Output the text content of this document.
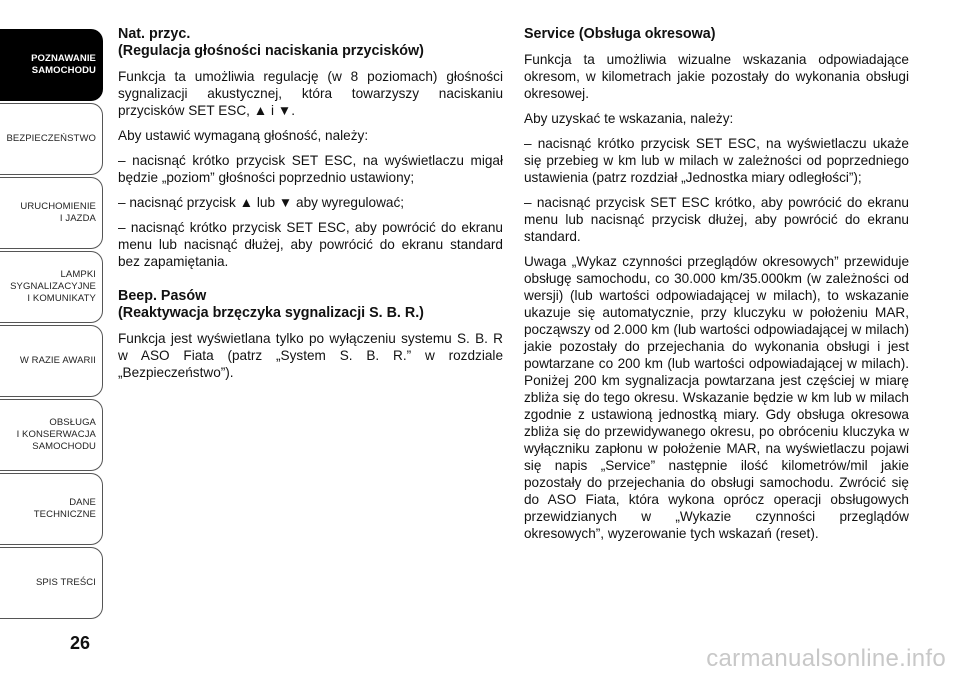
POZNAWANIE
SAMOCHODU
BEZPIECZEŃSTWO
URUCHOMIENIE
I JAZDA
LAMPKI
SYGNALIZACYJNE
I KOMUNIKATY
W RAZIE AWARII
OBSŁUGA
I KONSERWACJA
SAMOCHODU
DANE
TECHNICZNE
SPIS TREŚCI
26
Nat. przyc.
(Regulacja głośności naciskania przycisków)

Funkcja ta umożliwia regulację (w 8 poziomach) głośności sygnalizacji akustycznej, która towarzyszy naciskaniu przycisków SET ESC, ▲ i ▼.

Aby ustawić wymaganą głośność, należy:

– nacisnąć krótko przycisk SET ESC, na wyświetlaczu migał będzie „poziom” głośności poprzednio ustawiony;

– nacisnąć przycisk ▲ lub ▼ aby wyregulować;

– nacisnąć krótko przycisk SET ESC, aby powrócić do ekranu menu lub nacisnąć dłużej, aby powrócić do ekranu standard bez zapamiętania.

Beep. Pasów
(Reaktywacja brzęczyka sygnalizacji S. B. R.)

Funkcja jest wyświetlana tylko po wyłączeniu systemu S. B. R w ASO Fiata (patrz „System S. B. R.” w rozdziale „Bezpieczeństwo”).

Service (Obsługa okresowa)

Funkcja ta umożliwia wizualne wskazania odpowiadające okresom, w kilometrach jakie pozostały do wykonania obsługi okresowej.

Aby uzyskać te wskazania, należy:

– nacisnąć krótko przycisk SET ESC, na wyświetlaczu ukaże się przebieg w km lub w milach w zależności od poprzedniego ustawienia (patrz rozdział „Jednostka miary odległości”);

– nacisnąć przycisk SET ESC krótko, aby powrócić do ekranu menu lub nacisnąć przycisk dłużej, aby powrócić do ekranu standard.

Uwaga „Wykaz czynności przeglądów okresowych” przewiduje obsługę samochodu, co 30.000 km/35.000km (w zależności od wersji) (lub wartości odpowiadającej w milach), to wskazanie ukazuje się automatycznie, przy kluczyku w położeniu MAR, począwszy od 2.000 km (lub wartości odpowiadającej w milach) jakie pozostały do przejechania do wykonania obsługi i jest powtarzane co 200 km (lub wartości odpowiadającej w milach). Poniżej 200 km sygnalizacja powtarzana jest częściej w miarę zbliża się do tego okresu. Wskazanie będzie w km lub w milach zgodnie z ustawioną jednostką miary. Gdy obsługa okresowa zbliża się do przewidywanego okresu, po obróceniu kluczyka w wyłączniku zapłonu w położenie MAR, na wyświetlaczu pojawi się napis „Service” następnie ilość kilometrów/mil jakie pozostały do przejechania do obsługi samochodu. Zwrócić się do ASO Fiata, która wykona oprócz operacji obsługowych przewidzianych w „Wykazie czynności przeglądów okresowych”, wyzerowanie tych wskazań (reset).

carmanualsonline.info
